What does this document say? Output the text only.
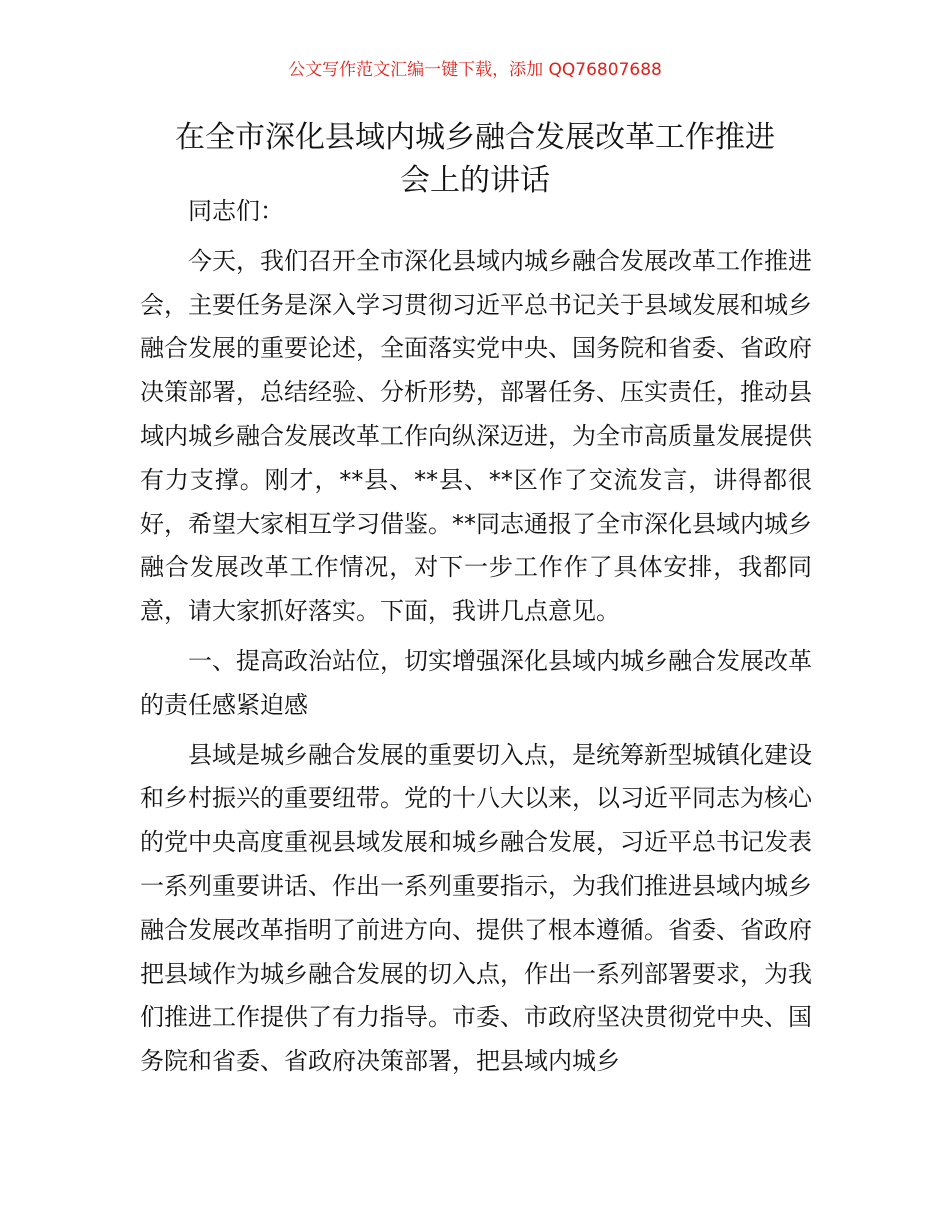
公文写作范文汇编一键下载，添加 QQ76807688

在全市深化县域内城乡融合发展改革工作推进
会上的讲话

同志们：

今天，我们召开全市深化县域内城乡融合发展改革工作推进会，主要任务是深入学习贯彻习近平总书记关于县域发展和城乡融合发展的重要论述，全面落实党中央、国务院和省委、省政府决策部署，总结经验、分析形势，部署任务、压实责任，推动县域内城乡融合发展改革工作向纵深迈进，为全市高质量发展提供有力支撑。刚才，**县、**县、**区作了交流发言，讲得都很好，希望大家相互学习借鉴。**同志通报了全市深化县域内城乡融合发展改革工作情况，对下一步工作作了具体安排，我都同意，请大家抓好落实。下面，我讲几点意见。

一、提高政治站位，切实增强深化县域内城乡融合发展改革的责任感紧迫感

县域是城乡融合发展的重要切入点，是统筹新型城镇化建设和乡村振兴的重要纽带。党的十八大以来，以习近平同志为核心的党中央高度重视县域发展和城乡融合发展，习近平总书记发表一系列重要讲话、作出一系列重要指示，为我们推进县域内城乡融合发展改革指明了前进方向、提供了根本遵循。省委、省政府把县域作为城乡融合发展的切入点，作出一系列部署要求，为我们推进工作提供了有力指导。市委、市政府坚决贯彻党中央、国务院和省委、省政府决策部署，把县域内城乡
